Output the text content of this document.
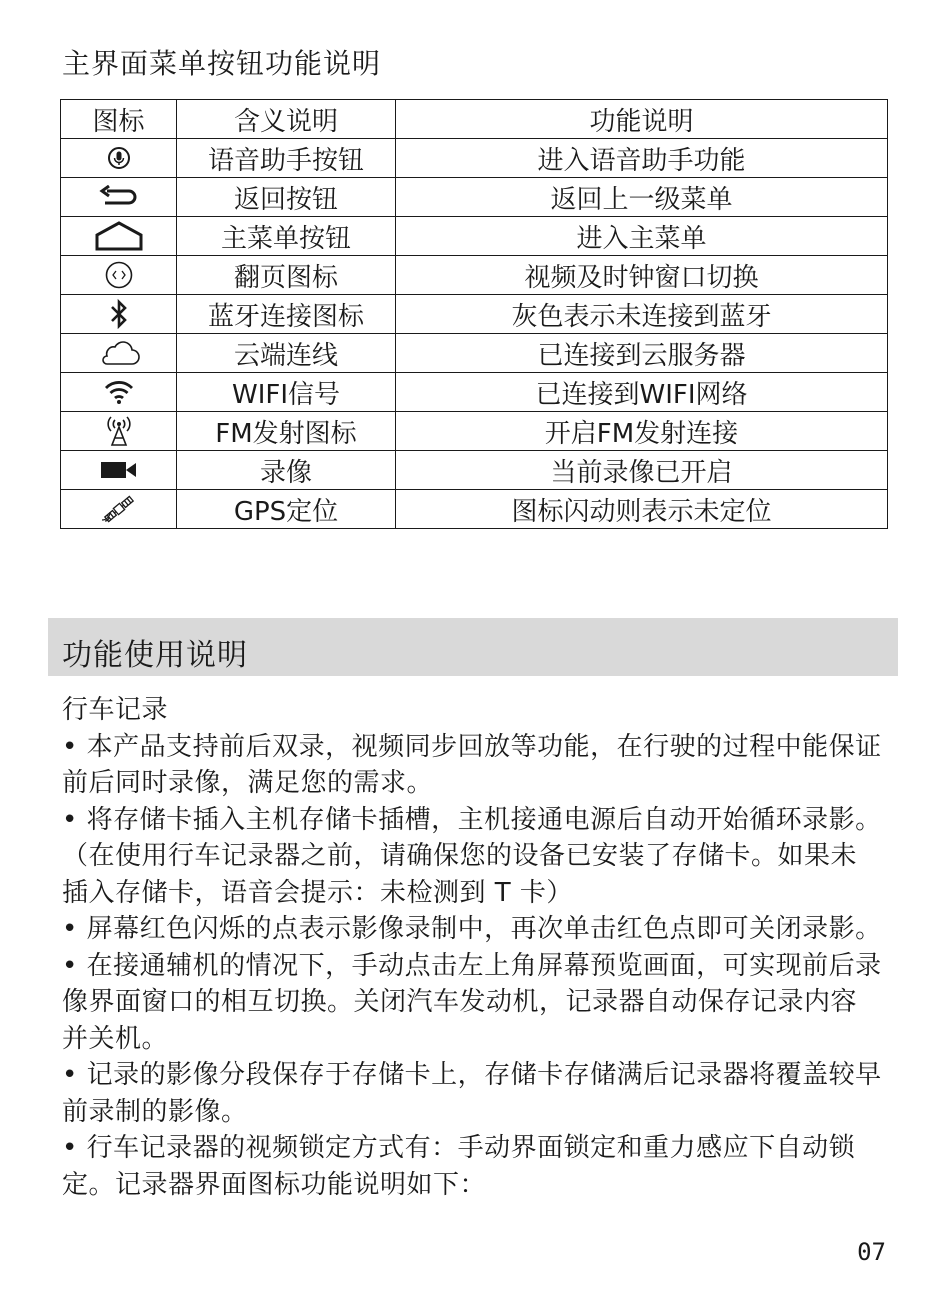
主界面菜单按钮功能说明
图标	含义说明	功能说明

	语音助手按钮	进入语音助手功能

	返回按钮	返回上一级菜单

	主菜单按钮	进入主菜单

	翻页图标	视频及时钟窗口切换

	蓝牙连接图标	灰色表示未连接到蓝牙

	云端连线	已连接到云服务器

	WIFI信号	已连接到WIFI网络

	FM发射图标	开启FM发射连接

	录像	当前录像已开启

	GPS定位	图标闪动则表示未定位
功能使用说明

行车记录

• 本产品支持前后双录，视频同步回放等功能，在行驶的过程中能保证前后同时录像，满足您的需求。

• 将存储卡插入主机存储卡插槽，主机接通电源后自动开始循环录影。（在使用行车记录器之前，请确保您的设备已安装了存储卡。如果未插入存储卡，语音会提示：未检测到 T 卡）

• 屏幕红色闪烁的点表示影像录制中，再次单击红色点即可关闭录影。

• 在接通辅机的情况下，手动点击左上角屏幕预览画面，可实现前后录像界面窗口的相互切换。关闭汽车发动机，记录器自动保存记录内容并关机。

• 记录的影像分段保存于存储卡上，存储卡存储满后记录器将覆盖较早前录制的影像。

• 行车记录器的视频锁定方式有：手动界面锁定和重力感应下自动锁定。记录器界面图标功能说明如下：

07
